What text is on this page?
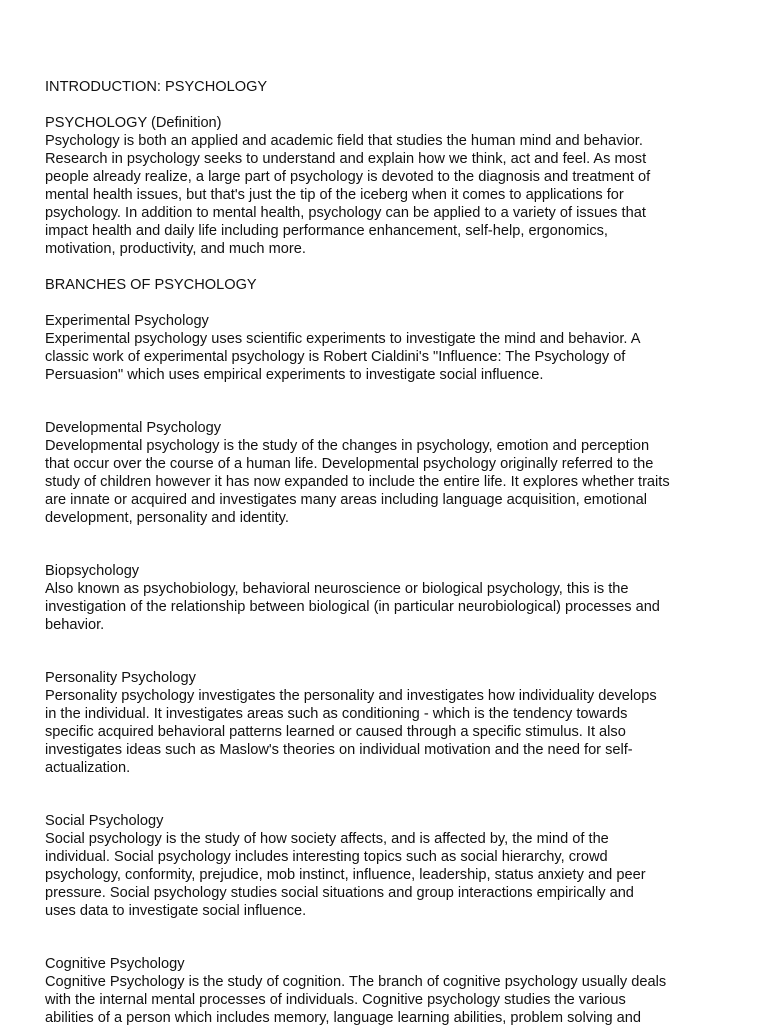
INTRODUCTION: PSYCHOLOGY
PSYCHOLOGY (Definition)
Psychology is both an applied and academic field that studies the human mind and behavior.
Research in psychology seeks to understand and explain how we think, act and feel. As most
people already realize, a large part of psychology is devoted to the diagnosis and treatment of
mental health issues, but that's just the tip of the iceberg when it comes to applications for
psychology. In addition to mental health, psychology can be applied to a variety of issues that
impact health and daily life including performance enhancement, self-help, ergonomics,
motivation, productivity, and much more.
BRANCHES OF PSYCHOLOGY
Experimental Psychology
Experimental psychology uses scientific experiments to investigate the mind and behavior. A
classic work of experimental psychology is Robert Cialdini's "Influence: The Psychology of
Persuasion" which uses empirical experiments to investigate social influence.
Developmental Psychology
Developmental psychology is the study of the changes in psychology, emotion and perception
that occur over the course of a human life. Developmental psychology originally referred to the
study of children however it has now expanded to include the entire life. It explores whether traits
are innate or acquired and investigates many areas including language acquisition, emotional
development, personality and identity.
Biopsychology
Also known as psychobiology, behavioral neuroscience or biological psychology, this is the
investigation of the relationship between biological (in particular neurobiological) processes and
behavior.
Personality Psychology
Personality psychology investigates the personality and investigates how individuality develops
in the individual. It investigates areas such as conditioning - which is the tendency towards
specific acquired behavioral patterns learned or caused through a specific stimulus. It also
investigates ideas such as Maslow's theories on individual motivation and the need for self-
actualization.
Social Psychology
Social psychology is the study of how society affects, and is affected by, the mind of the
individual. Social psychology includes interesting topics such as social hierarchy, crowd
psychology, conformity, prejudice, mob instinct, influence, leadership, status anxiety and peer
pressure. Social psychology studies social situations and group interactions empirically and
uses data to investigate social influence.
Cognitive Psychology
Cognitive Psychology is the study of cognition. The branch of cognitive psychology usually deals
with the internal mental processes of individuals. Cognitive psychology studies the various
abilities of a person which includes memory, language learning abilities, problem solving and
